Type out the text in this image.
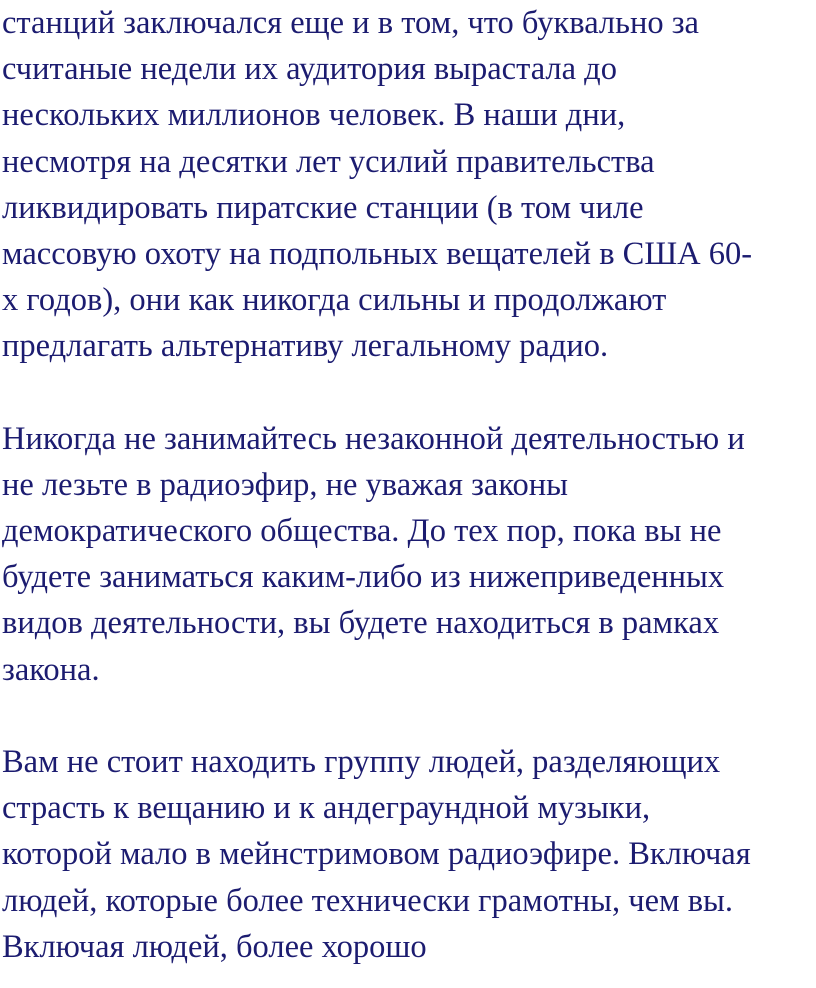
станций заключался еще и в том, что буквально за
считаные недели их аудитория вырастала до
нескольких миллионов человек. В наши дни,
несмотря на десятки лет усилий правительства
ликвидировать пиратские станции (в том чиле
массовую охоту на подпольных вещателей в США 60-
х годов), они как никогда сильны и продолжают
предлагать альтернативу легальному радио.
Никогда не занимайтесь незаконной деятельностью и
не лезьте в радиоэфир, не уважая законы
демократического общества. До тех пор, пока вы не
будете заниматься каким-либо из нижеприведенных
видов деятельности, вы будете находиться в рамках
закона.
Вам не стоит находить группу людей, разделяющих
страсть к вещанию и к андеграундной музыки,
которой мало в мейнстримовом радиоэфире. Включая
людей, которые более технически грамотны, чем вы.
Включая людей, более хорошо
